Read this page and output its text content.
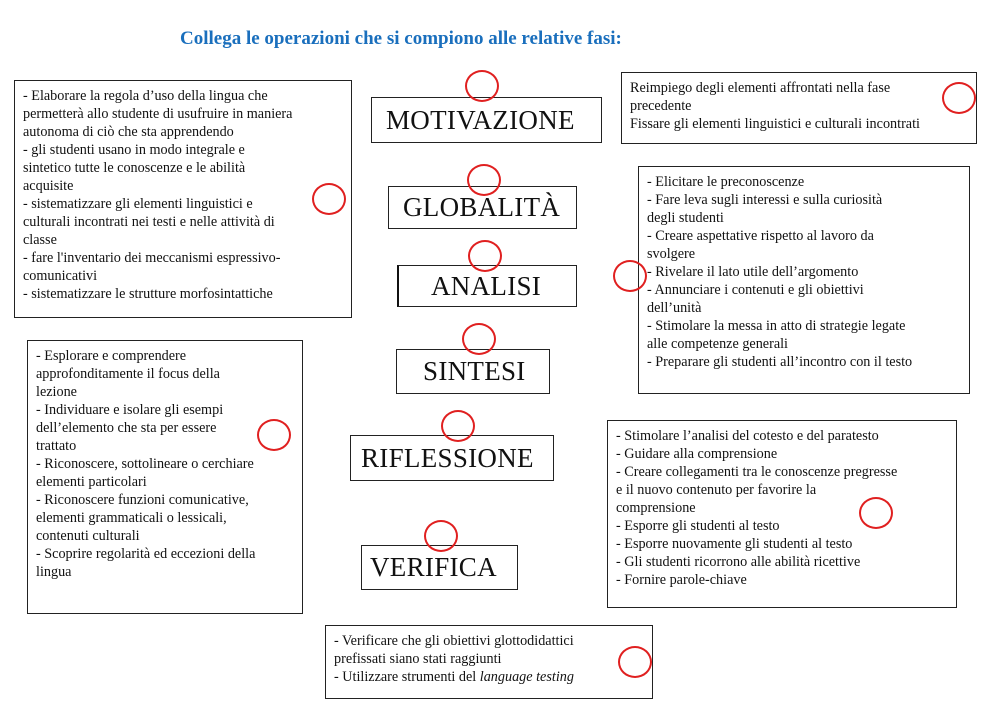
Collega le operazioni che si compiono alle relative fasi:
- Elaborare la regola d’uso della lingua che
permetterà allo studente di usufruire in maniera
autonoma di ciò che sta apprendendo
- gli studenti usano in modo integrale e
sintetico tutte le conoscenze e le abilità
acquisite
- sistematizzare gli elementi linguistici e
culturali incontrati nei testi e nelle attività di
classe
- fare l'inventario dei meccanismi espressivo-
comunicativi
- sistematizzare le strutture morfosintattiche
- Esplorare e comprendere
approfonditamente il focus della
lezione
- Individuare e isolare gli esempi
dell’elemento che sta per essere
trattato
- Riconoscere, sottolineare o cerchiare
elementi particolari
- Riconoscere funzioni comunicative,
elementi grammaticali o lessicali,
contenuti culturali
- Scoprire regolarità ed eccezioni della
lingua
Reimpiego degli elementi affrontati nella fase
precedente
Fissare gli elementi linguistici e culturali incontrati
- Elicitare le preconoscenze
- Fare leva sugli interessi e sulla curiosità
degli studenti
- Creare aspettative rispetto al lavoro da
svolgere
- Rivelare il lato utile dell’argomento
- Annunciare i contenuti e gli obiettivi
dell’unità
- Stimolare la messa in atto di strategie legate
alle competenze generali
- Preparare gli studenti all’incontro con il testo
- Stimolare l’analisi del cotesto e del paratesto
- Guidare alla comprensione
- Creare collegamenti tra le conoscenze pregresse
e il nuovo contenuto per favorire la
comprensione
- Esporre gli studenti al testo
- Esporre nuovamente gli studenti al testo
- Gli studenti ricorrono alle abilità ricettive
- Fornire parole-chiave
- Verificare che gli obiettivi glottodidattici
prefissati siano stati raggiunti
- Utilizzare strumenti del language testing
MOTIVAZIONE
GLOBALITÀ
ANALISI
SINTESI
RIFLESSIONE
VERIFICA
